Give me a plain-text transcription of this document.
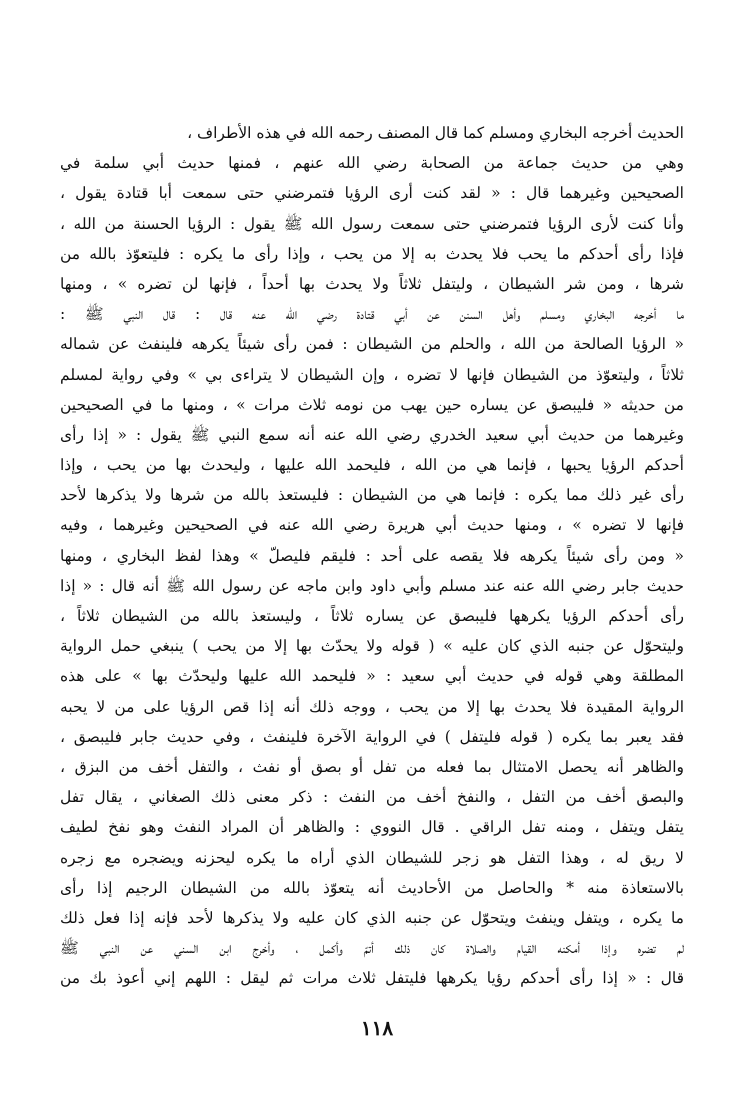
الحديث أخرجه البخاري ومسلم كما قال المصنف رحمه الله في هذه الأطراف ،
وهي من حديث جماعة من الصحابة رضي الله عنهم ، فمنها حديث أبي سلمة في
الصحيحين وغيرهما قال : « لقد كنت أرى الرؤيا فتمرضني حتى سمعت أبا قتادة يقول ،
وأنا كنت لأرى الرؤيا فتمرضني حتى سمعت رسول الله ﷺ يقول : الرؤيا الحسنة من الله ،
فإذا رأى أحدكم ما يحب فلا يحدث به إلا من يحب ، وإذا رأى ما يكره : فليتعوّذ بالله من
شرها ، ومن شر الشيطان ، وليتفل ثلاثاً ولا يحدث بها أحداً ، فإنها لن تضره » ، ومنها
ما أخرجه البخاري ومسلم وأهل السنن عن أبي قتادة رضي الله عنه قال : قال النبي ﷺ :
« الرؤيا الصالحة من الله ، والحلم من الشيطان : فمن رأى شيئاً يكرهه فلينفث عن شماله
ثلاثاً ، وليتعوّذ من الشيطان فإنها لا تضره ، وإن الشيطان لا يتراءى بي » وفي رواية لمسلم
من حديثه « فليبصق عن يساره حين يهب من نومه ثلاث مرات » ، ومنها ما في الصحيحين
وغيرهما من حديث أبي سعيد الخدري رضي الله عنه أنه سمع النبي ﷺ يقول : « إذا رأى
أحدكم الرؤيا يحبها ، فإنما هي من الله ، فليحمد الله عليها ، وليحدث بها من يحب ، وإذا
رأى غير ذلك مما يكره : فإنما هي من الشيطان : فليستعذ بالله من شرها ولا يذكرها لأحد
فإنها لا تضره » ، ومنها حديث أبي هريرة رضي الله عنه في الصحيحين وغيرهما ، وفيه
« ومن رأى شيئاً يكرهه فلا يقصه على أحد : فليقم فليصلّ » وهذا لفظ البخاري ، ومنها
حديث جابر رضي الله عنه عند مسلم وأبي داود وابن ماجه عن رسول الله ﷺ أنه قال : « إذا
رأى أحدكم الرؤيا يكرهها فليبصق عن يساره ثلاثاً ، وليستعذ بالله من الشيطان ثلاثاً ،
وليتحوّل عن جنبه الذي كان عليه » ( قوله ولا يحدّث بها إلا من يحب ) ينبغي حمل الرواية
المطلقة وهي قوله في حديث أبي سعيد : « فليحمد الله عليها وليحدّث بها » على هذه
الرواية المقيدة فلا يحدث بها إلا من يحب ، ووجه ذلك أنه إذا قص الرؤيا على من لا يحبه
فقد يعبر بما يكره ( قوله فليتفل ) في الرواية الآخرة فلينفث ، وفي حديث جابر فليبصق ،
والظاهر أنه يحصل الامتثال بما فعله من تفل أو بصق أو نفث ، والتفل أخف من البزق ،
والبصق أخف من التفل ، والنفخ أخف من النفث : ذكر معنى ذلك الصغاني ، يقال تفل
يتفل ويتفل ، ومنه تفل الراقي . قال النووي : والظاهر أن المراد النفث وهو نفخ لطيف
لا ريق له ، وهذا التفل هو زجر للشيطان الذي أراه ما يكره ليحزنه ويضجره مع زجره
بالاستعاذة منه * والحاصل من الأحاديث أنه يتعوّذ بالله من الشيطان الرجيم إذا رأى
ما يكره ، ويتفل وينفث ويتحوّل عن جنبه الذي كان عليه ولا يذكرها لأحد فإنه إذا فعل ذلك
لم تضره وإذا أمكنه القيام والصلاة كان ذلك أتمّ وأكمل ، وأخرج ابن السني عن النبي ﷺ
قال : « إذا رأى أحدكم رؤيا يكرهها فليتفل ثلاث مرات ثم ليقل : اللهم إني أعوذ بك من
١١٨
